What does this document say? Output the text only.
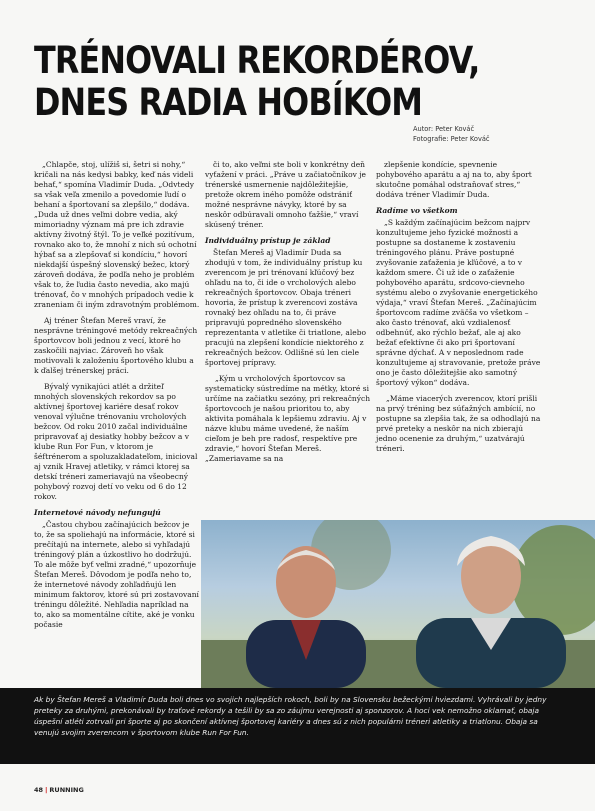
TRÉNOVALI REKORDÉROV,
DNES RADIA HOBÍKOM
Autor: Peter Kováč
Fotografie: Peter Kováč

„Chlapče, stoj, ulížiš si, šetri si nohy,“ kričali na nás kedysi babky, keď nás videli behať,“ spomína Vladimír Duda. „Odvtedy sa však veľa zmenilo a povedomie ľudí o behaní a športovaní sa zlepšilo,“ dodáva. „Duda už dnes veľmi dobre vedia, aký mimoriadny význam má pre ich zdravie aktívny životný štýl. To je veľké pozitívum, rovnako ako to, že mnohí z nich sú ochotní hýbať sa a zlepšovať si kondíciu,“ hovorí niekdajší úspešný slovenský bežec, ktorý zároveň dodáva, že podľa neho je problém však to, že ľudia často nevedia, ako majú trénovať, čo v mnohých prípadoch vedie k zraneniam či iným zdravotným problémom.

Aj tréner Štefan Mereš vraví, že nesprávne tréningové metódy rekreačných športovcov boli jednou z vecí, ktoré ho zaskočili najviac. Zároveň ho však motivovali k založeniu športového klubu a k ďalšej trénerskej práci.

Bývalý vynikajúci atlét a držiteľ mnohých slovenských rekordov sa po aktívnej športovej kariére desať rokov venoval výlučne trénovaniu vrcholových bežcov. Od roku 2010 začal individuálne pripravovať aj desiatky hobby bežcov a v klube Run For Fun, v ktorom je šéftrénerom a spoluzakladateľom, inicioval aj vznik Hravej atletiky, v rámci ktorej sa detskí tréneri zameriavajú na všeobecný pohybový rozvoj detí vo veku od 6 do 12 rokov.

Internetové návody nefungujú

„Častou chybou začínajúcich bežcov je to, že sa spoliehajú na informácie, ktoré si prečítajú na internete, alebo si vyhľadajú tréningový plán a úzkostlivo ho dodržujú. To ale môže byť veľmi zradné,“ upozorňuje Štefan Mereš. Dôvodom je podľa neho to, že internetové návody zohľadňujú len minimum faktorov, ktoré sú pri zostavovaní tréningu dôležité. Nehľadia napríklad na to, ako sa momentálne cítite, aké je vonku počasie

či to, ako veľmi ste boli v konkrétny deň vyťažení v práci. „Práve u začiatočníkov je trénerské usmernenie najdôležitejšie, pretože okrem iného pomôže odstrániť možné nesprávne návyky, ktoré by sa neskôr odbúravali omnoho ťažšie,“ vraví skúsený tréner.

Individuálny prístup je základ

Štefan Mereš aj Vladimír Duda sa zhodujú v tom, že individuálny prístup ku zverencom je pri trénovaní kľúčový bez ohľadu na to, či ide o vrcholových alebo rekreačných športovcov. Obaja tréneri hovoria, že prístup k zverencovi zostáva rovnaký bez ohľadu na to, či práve pripravujú popredného slovenského reprezentanta v atletike či triatlone, alebo pracujú na zlepšení kondície niektorého z rekreačných bežcov. Odlišné sú len ciele športovej prípravy.

„Kým u vrcholových športovcov sa systematicky sústredíme na métky, ktoré si určíme na začiatku sezóny, pri rekreačných športovcoch je našou prioritou to, aby aktivita pomáhala k lepšiemu zdraviu. Aj v názve klubu máme uvedené, že naším cieľom je beh pre radosť, respektíve pre zdravie,“ hovorí Štefan Mereš. „Zameriavame sa na

zlepšenie kondície, spevnenie pohybového aparátu a aj na to, aby šport skutočne pomáhal odstraňovať stres,“ dodáva tréner Vladimír Duda.

Radíme vo všetkom

„S každým začínajúcim bežcom najprv konzultujeme jeho fyzické možnosti a postupne sa dostaneme k zostaveniu tréningového plánu. Práve postupné zvyšovanie zaťaženia je kľúčové, a to v každom smere. Či už ide o zaťaženie pohybového aparátu, srdcovo-cievneho systému alebo o zvyšovanie energetického výdaja,“ vraví Štefan Mereš. „Začínajúcim športovcom radíme zväčša vo všetkom – ako často trénovať, akú vzdialenosť odbehnúť, ako rýchlo bežať, ale aj ako bežať efektívne či ako pri športovaní správne dýchať. A v neposlednom rade konzultujeme aj stravovanie, pretože práve ono je často dôležitejšie ako samotný športový výkon“ dodáva.

„Máme viacerých zverencov, ktorí prišli na prvý tréning bez súťažných ambícií, no postupne sa zlepšia tak, že sa odhodlajú na prvé preteky a neskôr na nich zbierajú jedno ocenenie za druhým,“ uzatvárajú tréneri.

Ak by Štefan Mereš a Vladimír Duda boli dnes vo svojich najlepších rokoch, boli by na Slovensku bežeckými hviezdami. Vyhrávali by jedny preteky za druhými, prekonávali by traťové rekordy a tešili by sa zo záujmu verejnosti aj sponzorov. A hoci vek nemožno oklamať, obaja úspešní atléti zotrvali pri športe aj po skončení aktívnej športovej kariéry a dnes sú z nich populárni tréneri atletiky a triatlonu. Obaja sa venujú svojim zverencom v športovom klube Run For Fun.
48 | RUNNING
